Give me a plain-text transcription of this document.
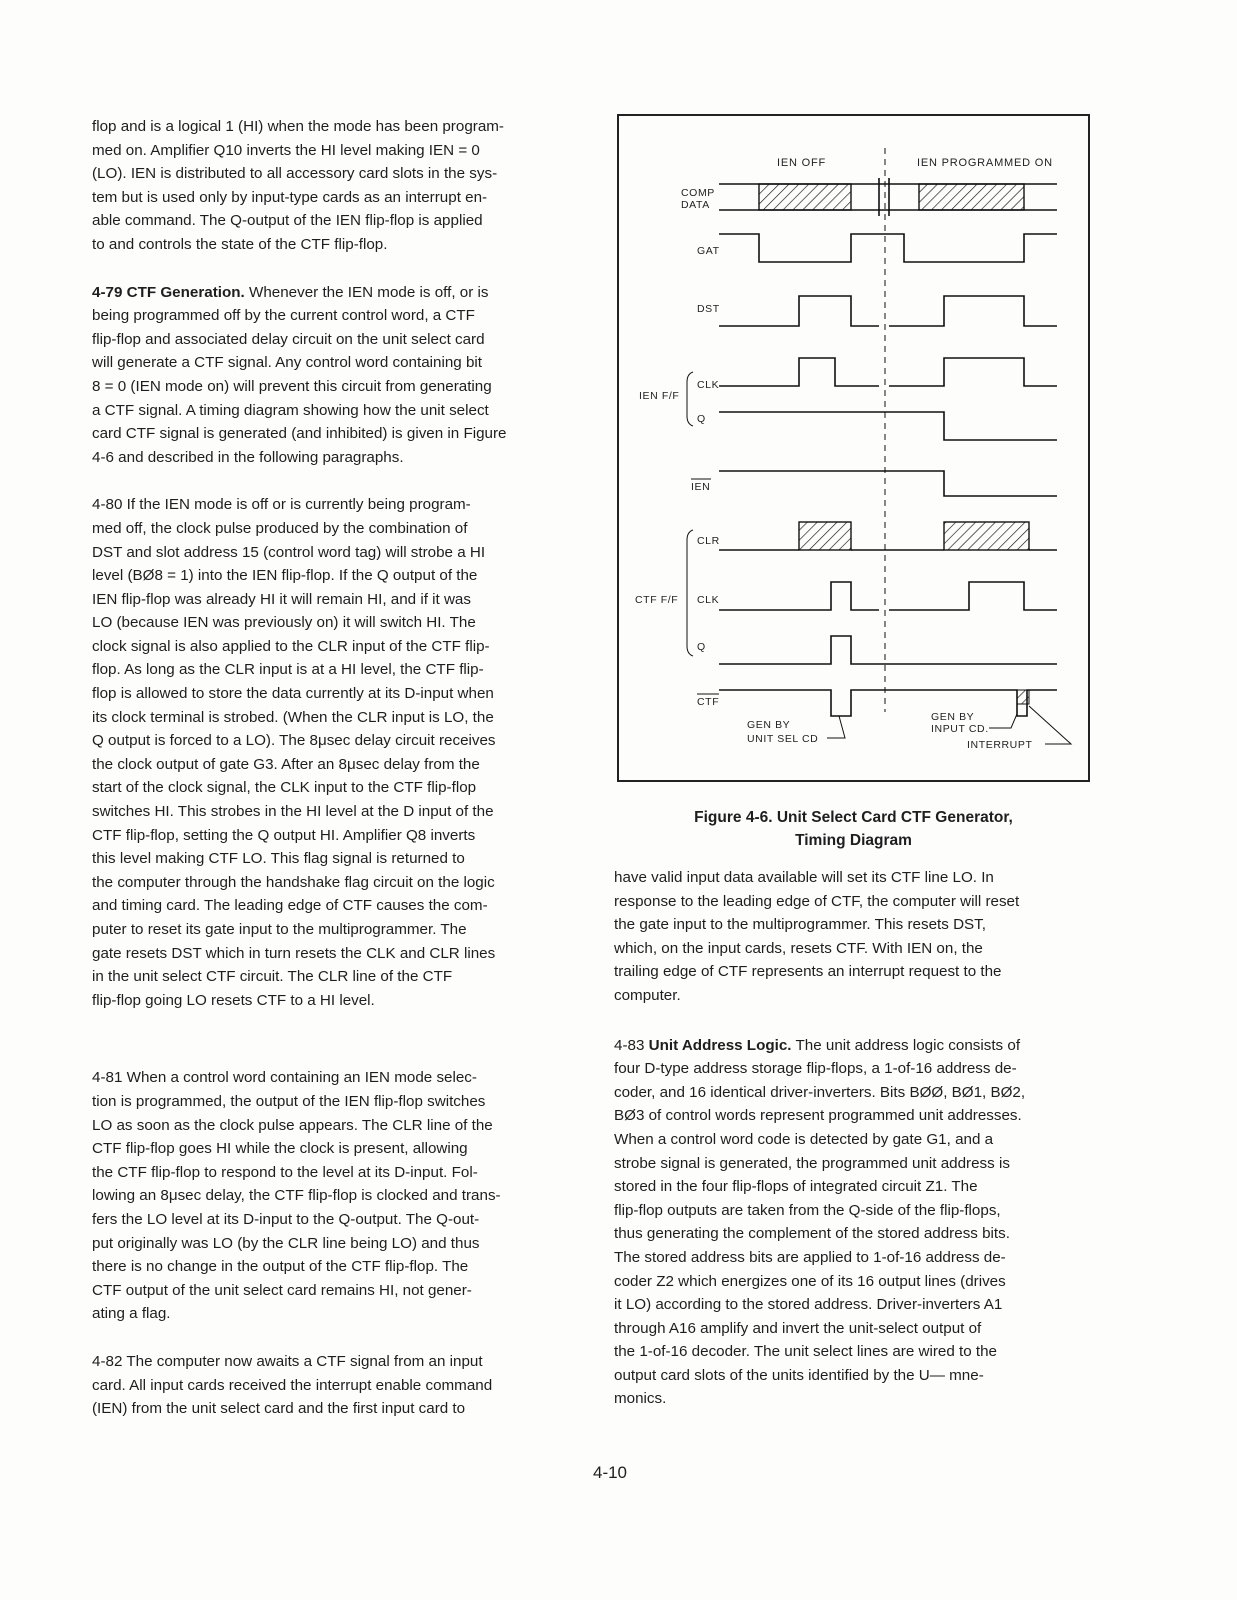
flop and is a logical 1 (HI) when the mode has been program-
med on. Amplifier Q10 inverts the HI level making IEN = 0
(LO). IEN is distributed to all accessory card slots in the sys-
tem but is used only by input-type cards as an interrupt en-
able command. The Q-output of the IEN flip-flop is applied
to and controls the state of the CTF flip-flop.

4-79 CTF Generation. Whenever the IEN mode is off, or is
being programmed off by the current control word, a CTF
flip-flop and associated delay circuit on the unit select card
will generate a CTF signal. Any control word containing bit
8 = 0 (IEN mode on) will prevent this circuit from generating
a CTF signal. A timing diagram showing how the unit select
card CTF signal is generated (and inhibited) is given in Figure
4-6 and described in the following paragraphs.

4-80 If the IEN mode is off or is currently being program-
med off, the clock pulse produced by the combination of
DST and slot address 15 (control word tag) will strobe a HI
level (BØ8 = 1) into the IEN flip-flop. If the Q output of the
IEN flip-flop was already HI it will remain HI, and if it was
LO (because IEN was previously on) it will switch HI. The
clock signal is also applied to the CLR input of the CTF flip-
flop. As long as the CLR input is at a HI level, the CTF flip-
flop is allowed to store the data currently at its D-input when
its clock terminal is strobed. (When the CLR input is LO, the
Q output is forced to a LO). The 8μsec delay circuit receives
the clock output of gate G3. After an 8μsec delay from the
start of the clock signal, the CLK input to the CTF flip-flop
switches HI. This strobes in the HI level at the D input of the
CTF flip-flop, setting the Q output HI. Amplifier Q8 inverts
this level making CTF LO. This flag signal is returned to
the computer through the handshake flag circuit on the logic
and timing card. The leading edge of CTF causes the com-
puter to reset its gate input to the multiprogrammer. The
gate resets DST which in turn resets the CLK and CLR lines
in the unit select CTF circuit. The CLR line of the CTF
flip-flop going LO resets CTF to a HI level.

4-81 When a control word containing an IEN mode selec-
tion is programmed, the output of the IEN flip-flop switches
LO as soon as the clock pulse appears. The CLR line of the
CTF flip-flop goes HI while the clock is present, allowing
the CTF flip-flop to respond to the level at its D-input. Fol-
lowing an 8μsec delay, the CTF flip-flop is clocked and trans-
fers the LO level at its D-input to the Q-output. The Q-out-
put originally was LO (by the CLR line being LO) and thus
there is no change in the output of the CTF flip-flop. The
CTF output of the unit select card remains HI, not gener-
ating a flag.

4-82 The computer now awaits a CTF signal from an input
card. All input cards received the interrupt enable command
(IEN) from the unit select card and the first input card to

IEN OFF	IEN PROGRAMMED ON
COMP
DATA
GAT
DST
IEN F/F
CLK
Q
IEN
CTF F/F
CLR
CLK
Q
CTF
GEN BY
UNIT SEL CD
GEN BY
INPUT CD.
INTERRUPT
Figure 4-6. Unit Select Card CTF Generator,
Timing Diagram

have valid input data available will set its CTF line LO. In
response to the leading edge of CTF, the computer will reset
the gate input to the multiprogrammer. This resets DST,
which, on the input cards, resets CTF. With IEN on, the
trailing edge of CTF represents an interrupt request to the
computer.

4-83 Unit Address Logic. The unit address logic consists of
four D-type address storage flip-flops, a 1-of-16 address de-
coder, and 16 identical driver-inverters. Bits BØØ, BØ1, BØ2,
BØ3 of control words represent programmed unit addresses.
When a control word code is detected by gate G1, and a
strobe signal is generated, the programmed unit address is
stored in the four flip-flops of integrated circuit Z1. The
flip-flop outputs are taken from the Q-side of the flip-flops,
thus generating the complement of the stored address bits.
The stored address bits are applied to 1-of-16 address de-
coder Z2 which energizes one of its 16 output lines (drives
it LO) according to the stored address. Driver-inverters A1
through A16 amplify and invert the unit-select output of
the 1-of-16 decoder. The unit select lines are wired to the
output card slots of the units identified by the U— mne-
monics.

4-10
